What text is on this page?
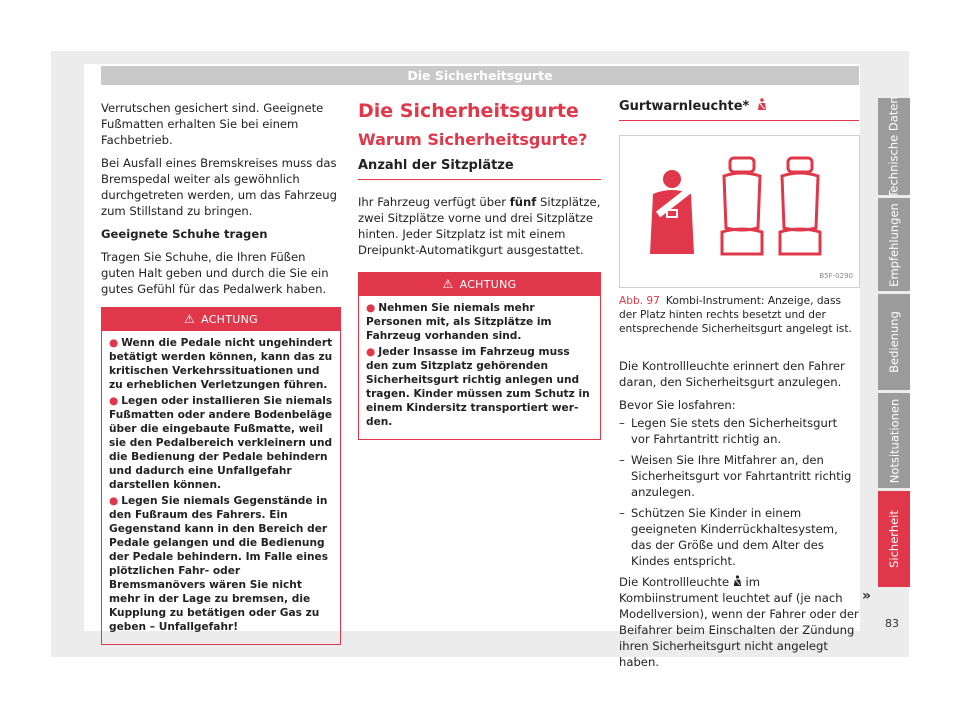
Die Sicherheitsgurte

Verrutschen gesichert sind. Geeignete Fußmatten erhalten Sie bei einem Fachbetrieb.

Bei Ausfall eines Bremskreises muss das Bremspedal weiter als gewöhnlich durchgetreten werden, um das Fahrzeug zum Stillstand zu bringen.

Geeignete Schuhe tragen

Tragen Sie Schuhe, die Ihren Füßen guten Halt geben und durch die Sie ein gutes Gefühl für das Pedalwerk haben.

⚠ ACHTUNG
● Wenn die Pedale nicht ungehindert betätigt werden können, kann das zu kritischen Verkehrssituationen und zu erheblichen Verletzungen führen.
● Legen oder installieren Sie niemals Fußmatten oder andere Bodenbeläge über die eingebaute Fußmatte, weil sie den Pedalbereich verkleinern und die Bedienung der Pedale behindern und dadurch eine Unfallgefahr darstellen können.
● Legen Sie niemals Gegenstände in den Fußraum des Fahrers. Ein Gegenstand kann in den Bereich der Pedale gelangen und die Bedienung der Pedale behindern. Im Falle eines plötzlichen Fahr- oder Bremsmanövers wären Sie nicht mehr in der Lage zu bremsen, die Kupplung zu betätigen oder Gas zu geben – Unfallgefahr!
Die Sicherheitsgurte
Warum Sicherheitsgurte?
Anzahl der Sitzplätze

Ihr Fahrzeug verfügt über fünf Sitzplätze, zwei Sitzplätze vorne und drei Sitzplätze hinten. Jeder Sitzplatz ist mit einem Dreipunkt-Automatikgurt ausgestattet.

⚠ ACHTUNG
● Nehmen Sie niemals mehr Personen mit, als Sitzplätze im Fahrzeug vorhanden sind.
● Jeder Insasse im Fahrzeug muss den zum Sitzplatz gehörenden Sicherheitsgurt richtig anlegen und tragen. Kinder müssen zum Schutz in einem Kindersitz transportiert werden.
Gurtwarnleuchte*
B5F-0290
Abb. 97 Kombi-Instrument: Anzeige, dass der Platz hinten rechts besetzt und der entsprechende Sicherheitsgurt angelegt ist.

Die Kontrollleuchte erinnert den Fahrer daran, den Sicherheitsgurt anzulegen.

Bevor Sie losfahren:

– Legen Sie stets den Sicherheitsgurt vor Fahrtantritt richtig an.
– Weisen Sie Ihre Mitfahrer an, den Sicherheitsgurt vor Fahrtantritt richtig anzulegen.
– Schützen Sie Kinder in einem geeigneten Kinderrückhaltesystem, das der Größe und dem Alter des Kindes entspricht.

Die Kontrollleuchte  im Kombiinstrument leuchtet auf (je nach Modellversion), wenn der Fahrer oder der Beifahrer beim Einschalten der Zündung ihren Sicherheitsgurt nicht angelegt haben.

Technische Daten
Empfehlungen
Bedienung
Notsituationen
Sicherheit
»
83
